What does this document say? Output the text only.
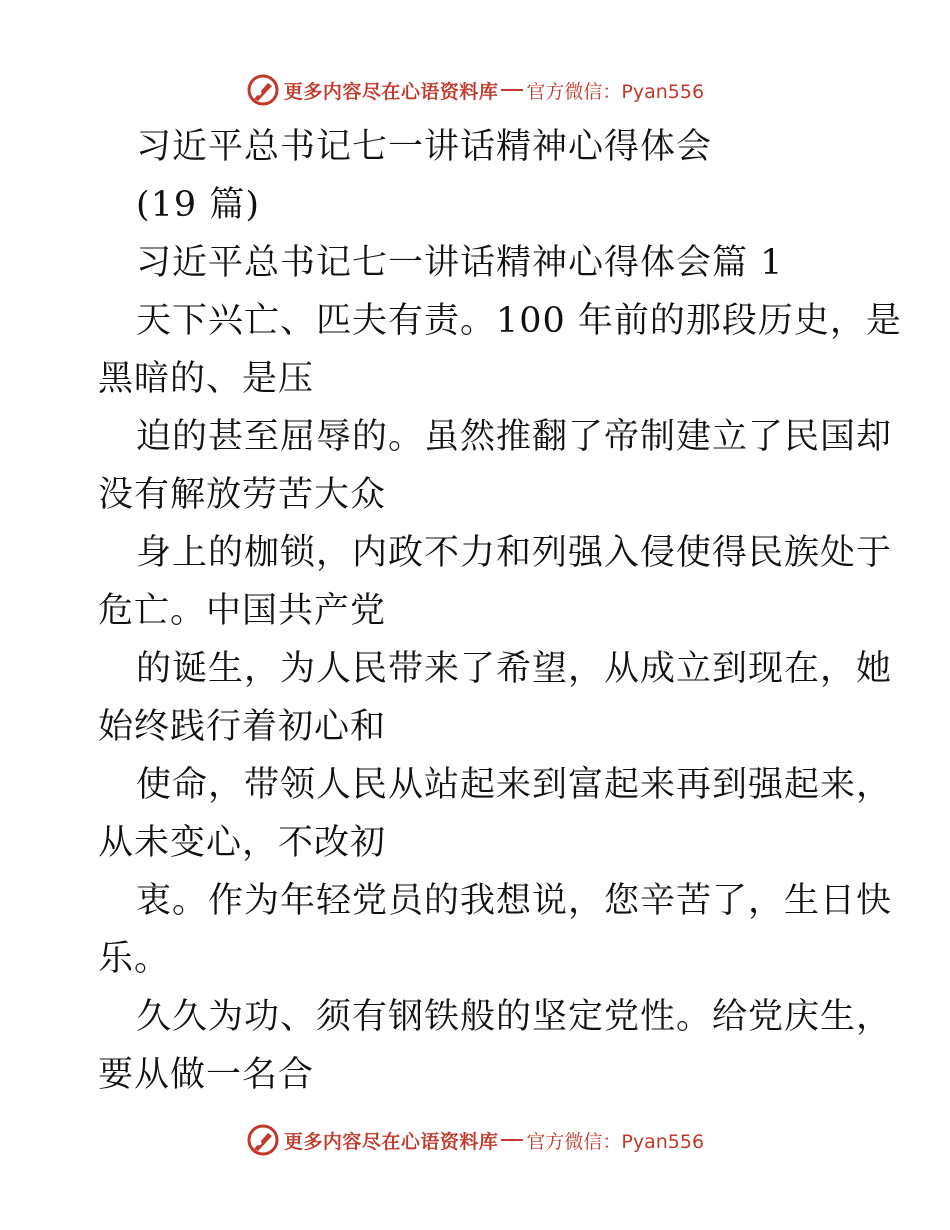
更多内容尽在心语资料库 官方微信：Pyan556
习近平总书记七一讲话精神心得体会
(19 篇)
习近平总书记七一讲话精神心得体会篇 1
天下兴亡、匹夫有责。100 年前的那段历史，是
黑暗的、是压
迫的甚至屈辱的。虽然推翻了帝制建立了民国却
没有解放劳苦大众
身上的枷锁，内政不力和列强入侵使得民族处于
危亡。中国共产党
的诞生，为人民带来了希望，从成立到现在，她
始终践行着初心和
使命，带领人民从站起来到富起来再到强起来，
从未变心，不改初
衷。作为年轻党员的我想说，您辛苦了，生日快
乐。
久久为功、须有钢铁般的坚定党性。给党庆生，
要从做一名合
更多内容尽在心语资料库 官方微信：Pyan556
